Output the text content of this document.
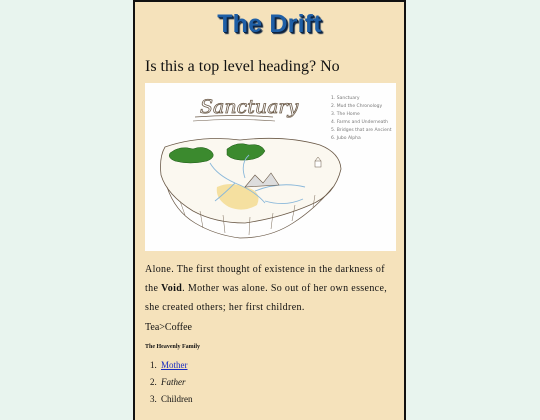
The Drift
Is this a top level heading? No
Sanctuary	1. Sanctuary
2. Mud the Chronology
3. The Home
4. Farms and Underneath
5. Bridges that are Ancient
6. Jubo Alpha
Alone. The first thought of existence in the darkness of the Void. Mother was alone. So out of her own essence, she created others; her first children.
Tea>Coffee
The Heavenly Family
1. Mother
2. Father
3. Children
